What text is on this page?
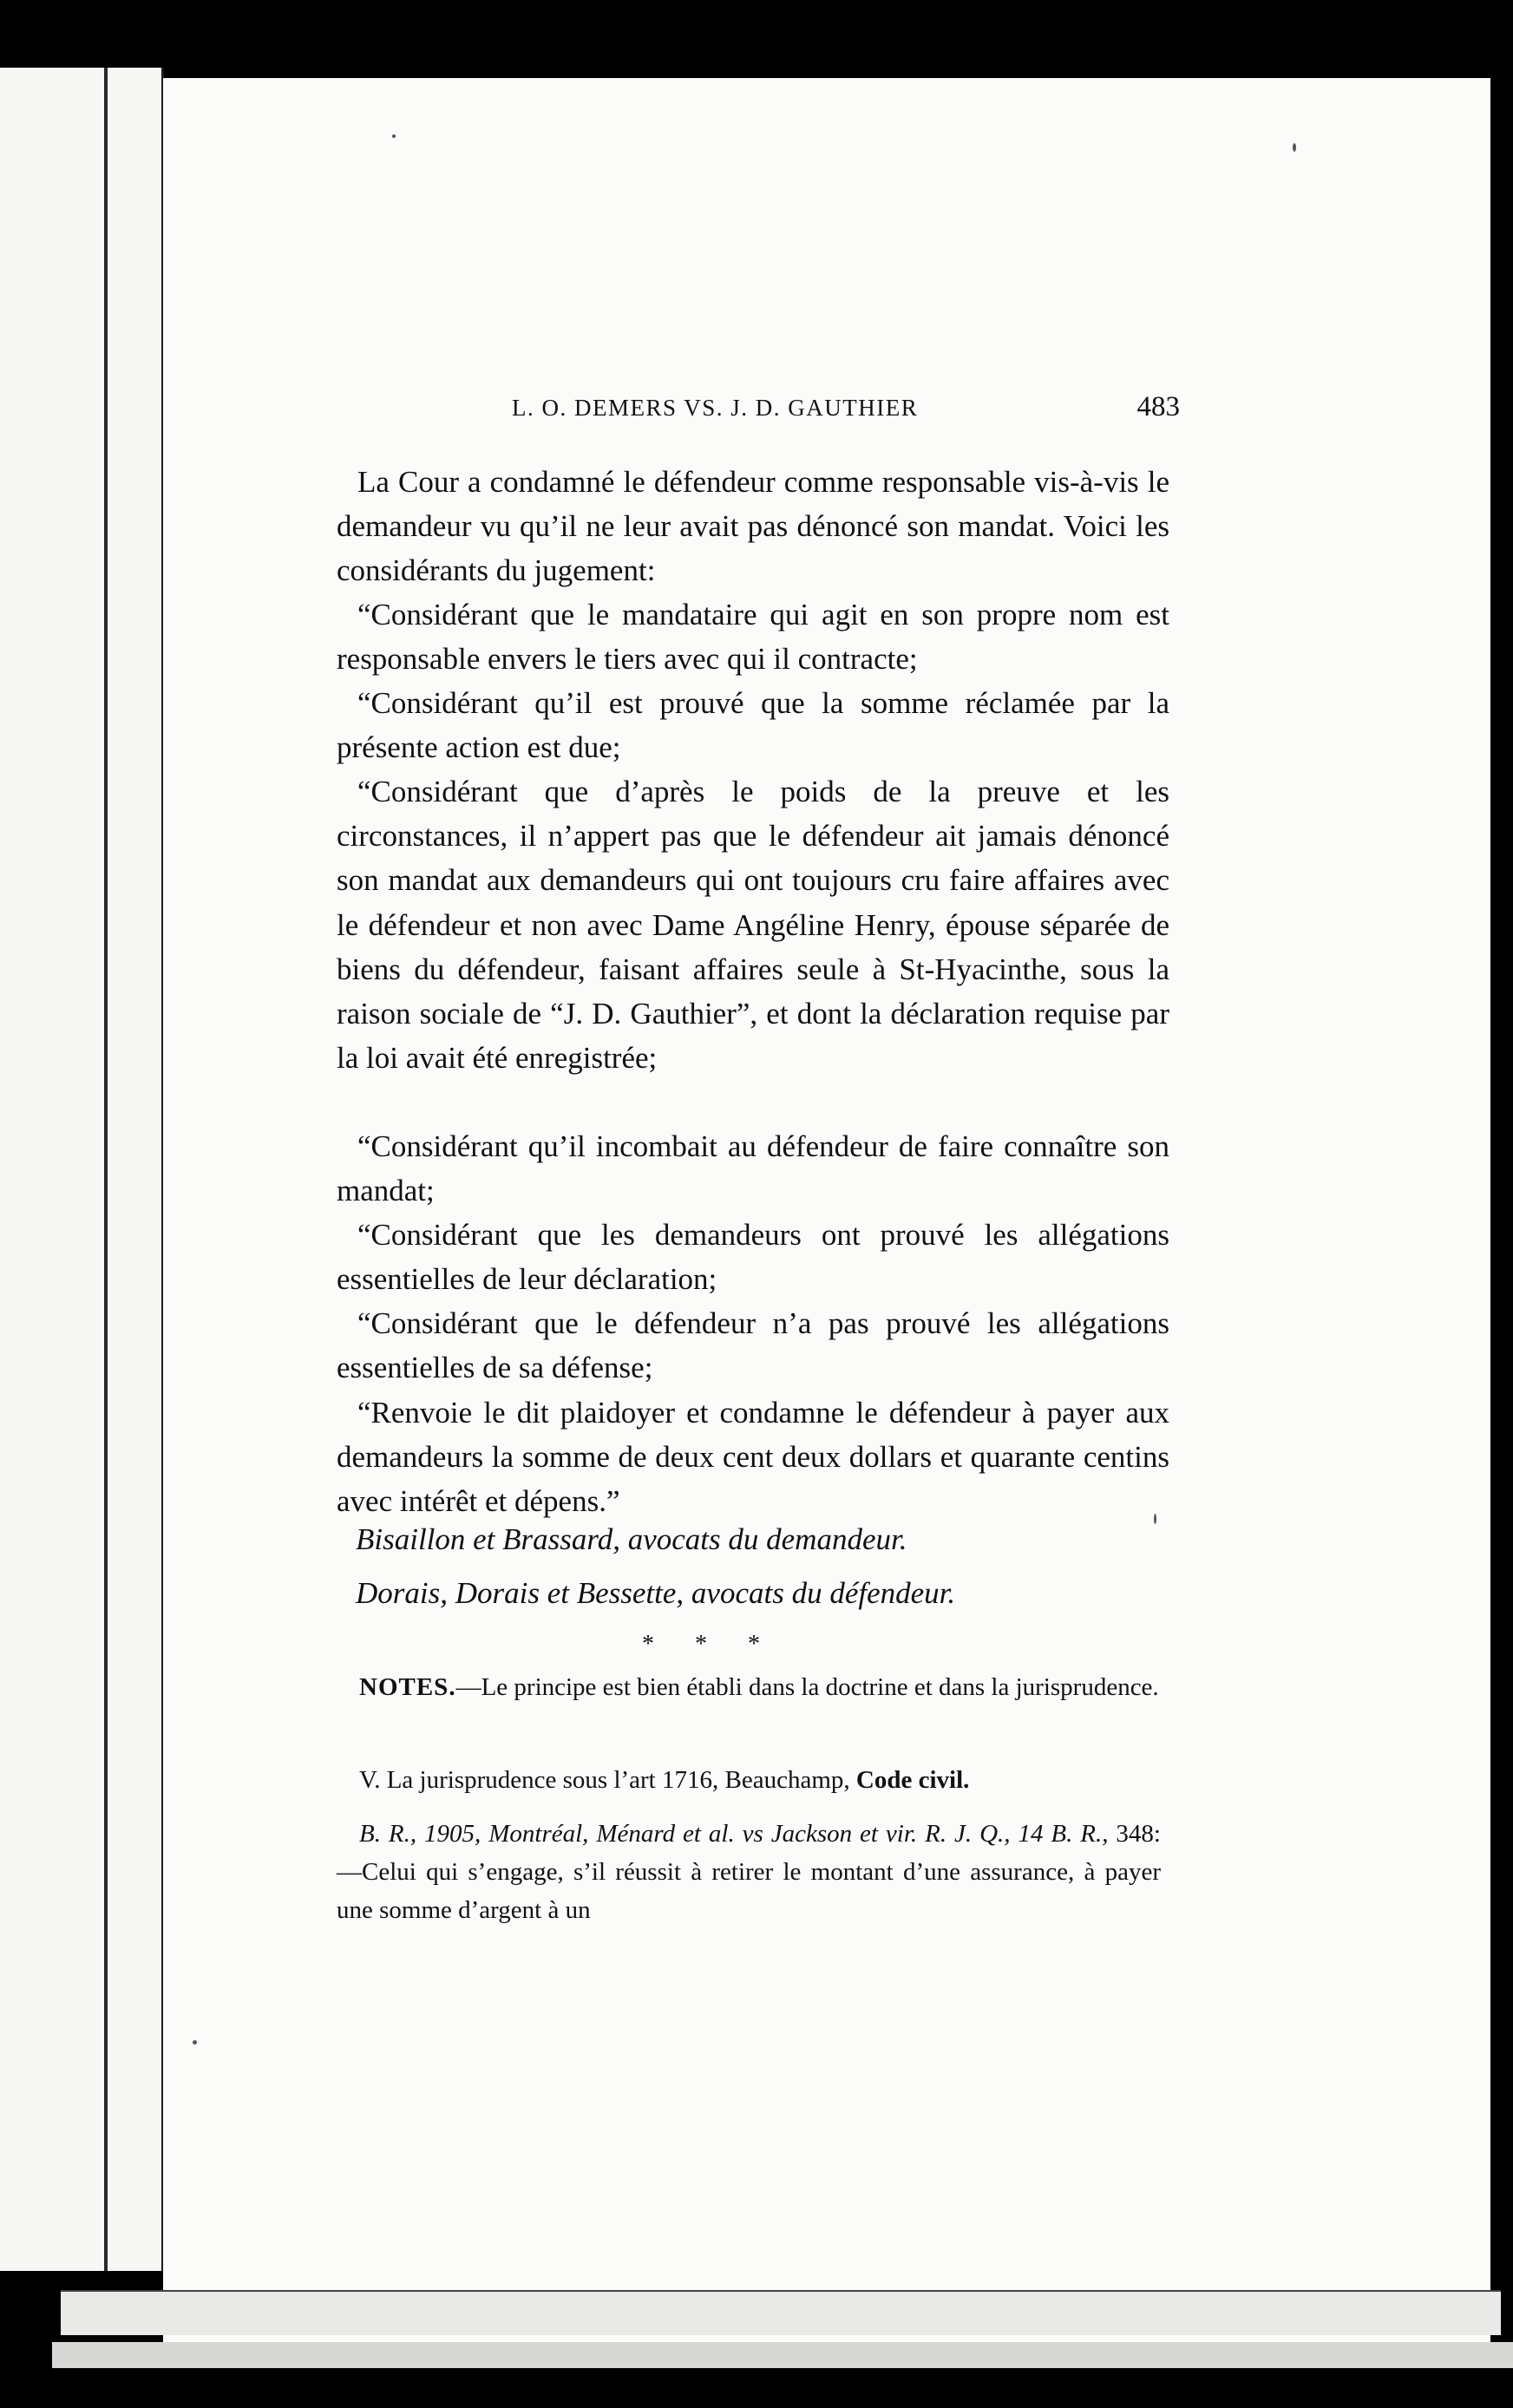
L. O. DEMERS VS. J. D. GAUTHIER	483

La Cour a condamné le défendeur comme responsable vis-à-vis le demandeur vu qu’il ne leur avait pas dénoncé son mandat. Voici les considérants du jugement:

“Considérant que le mandataire qui agit en son propre nom est responsable envers le tiers avec qui il contracte;

“Considérant qu’il est prouvé que la somme réclamée par la présente action est due;

“Considérant que d’après le poids de la preuve et les circonstances, il n’appert pas que le défendeur ait jamais dénoncé son mandat aux demandeurs qui ont toujours cru faire affaires avec le défendeur et non avec Dame Angéline Henry, épouse séparée de biens du défendeur, faisant affaires seule à St-Hyacinthe, sous la raison sociale de “J. D. Gauthier”, et dont la déclaration requise par la loi avait été enregistrée;

“Considérant qu’il incombait au défendeur de faire connaître son mandat;

“Considérant que les demandeurs ont prouvé les allégations essentielles de leur déclaration;

“Considérant que le défendeur n’a pas prouvé les allégations essentielles de sa défense;

“Renvoie le dit plaidoyer et condamne le défendeur à payer aux demandeurs la somme de deux cent deux dollars et quarante centins avec intérêt et dépens.”

Bisaillon et Brassard, avocats du demandeur.
Dorais, Dorais et Bessette, avocats du défendeur.
* * *

NOTES.—Le principe est bien établi dans la doctrine et dans la jurisprudence.

V. La jurisprudence sous l’art 1716, Beauchamp, Code civil.

B. R., 1905, Montréal, Ménard et al. vs Jackson et vir. R. J. Q., 14 B. R., 348:—Celui qui s’engage, s’il réussit à retirer le montant d’une assurance, à payer une somme d’argent à un
